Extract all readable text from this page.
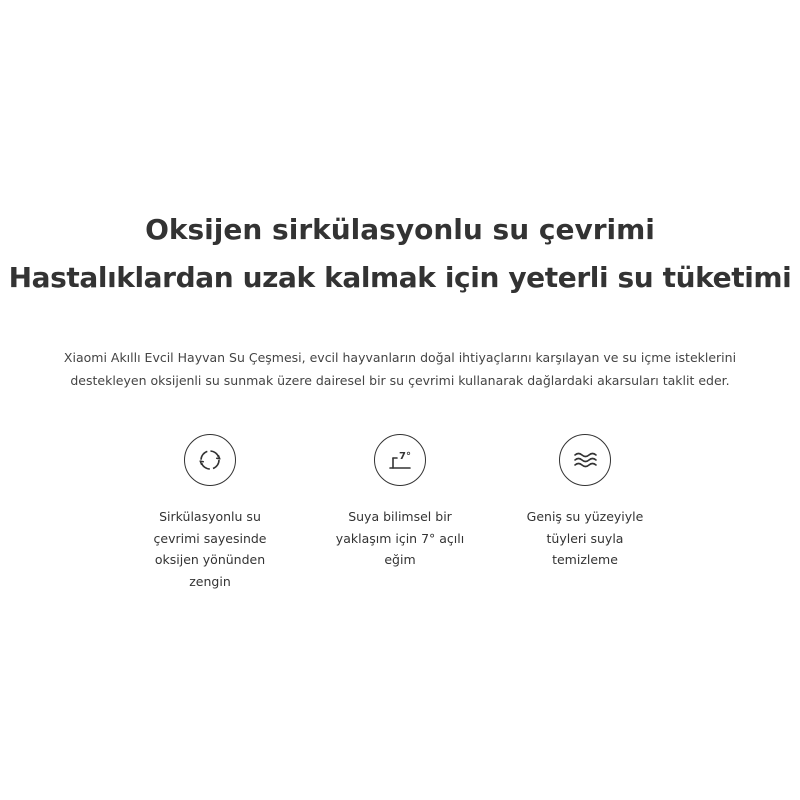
Oksijen sirkülasyonlu su çevrimi
Hastalıklardan uzak kalmak için yeterli su tüketimi

Xiaomi Akıllı Evcil Hayvan Su Çeşmesi, evcil hayvanların doğal ihtiyaçlarını karşılayan ve su içme isteklerini
destekleyen oksijenli su sunmak üzere dairesel bir su çevrimi kullanarak dağlardaki akarsuları taklit eder.

Sirkülasyonlu su
çevrimi sayesinde
oksijen yönünden
zengin
7°
Suya bilimsel bir
yaklaşım için 7° açılı
eğim
Geniş su yüzeyiyle
tüyleri suyla
temizleme
